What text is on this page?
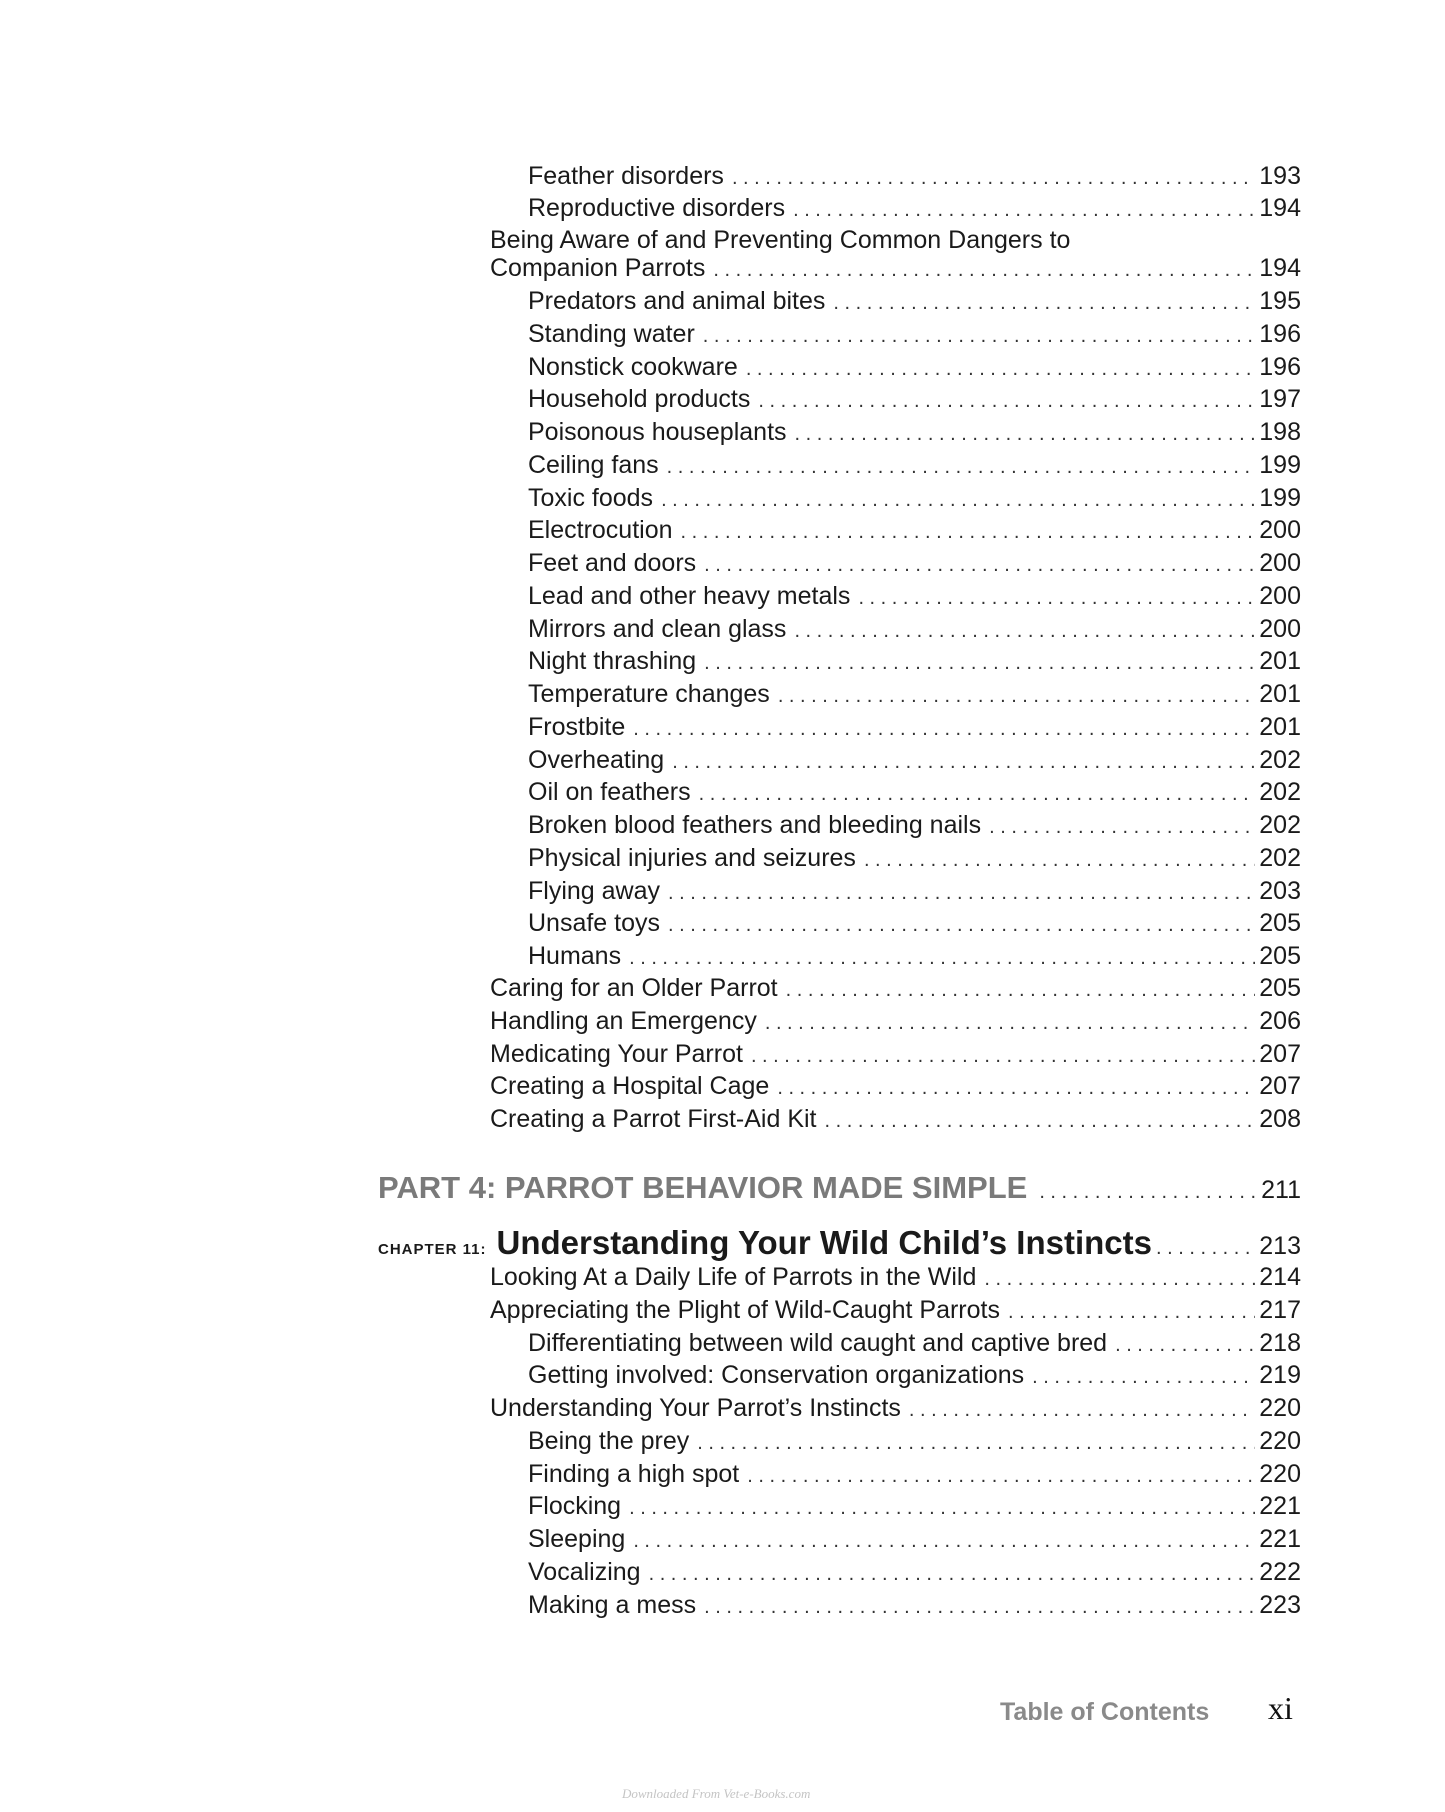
Feather disorders . . .	193
Reproductive disorders . . .	194
Being Aware of and Preventing Common Dangers to
Companion Parrots . . .	194
Predators and animal bites . . .	195
Standing water . . .	196
Nonstick cookware . . .	196
Household products . . .	197
Poisonous houseplants . . .	198
Ceiling fans . . .	199
Toxic foods . . .	199
Electrocution . . .	200
Feet and doors . . .	200
Lead and other heavy metals . . .	200
Mirrors and clean glass . . .	200
Night thrashing . . .	201
Temperature changes . . .	201
Frostbite . . .	201
Overheating . . .	202
Oil on feathers . . .	202
Broken blood feathers and bleeding nails . . .	202
Physical injuries and seizures . . .	202
Flying away . . .	203
Unsafe toys . . .	205
Humans . . .	205
Caring for an Older Parrot . . .	205
Handling an Emergency . . .	206
Medicating Your Parrot . . .	207
Creating a Hospital Cage . . .	207
Creating a Parrot First-Aid Kit . . .	208
PART 4: PARROT BEHAVIOR MADE SIMPLE . . .	211
CHAPTER 11: Understanding Your Wild Child’s Instincts . . .	213
Looking At a Daily Life of Parrots in the Wild . . .	214
Appreciating the Plight of Wild-Caught Parrots . . .	217
Differentiating between wild caught and captive bred . . .	218
Getting involved: Conservation organizations . . .	219
Understanding Your Parrot’s Instincts . . .	220
Being the prey . . .	220
Finding a high spot . . .	220
Flocking . . .	221
Sleeping . . .	221
Vocalizing . . .	222
Making a mess . . .	223
Table of Contents xi
Downloaded From Vet-e-Books.com
